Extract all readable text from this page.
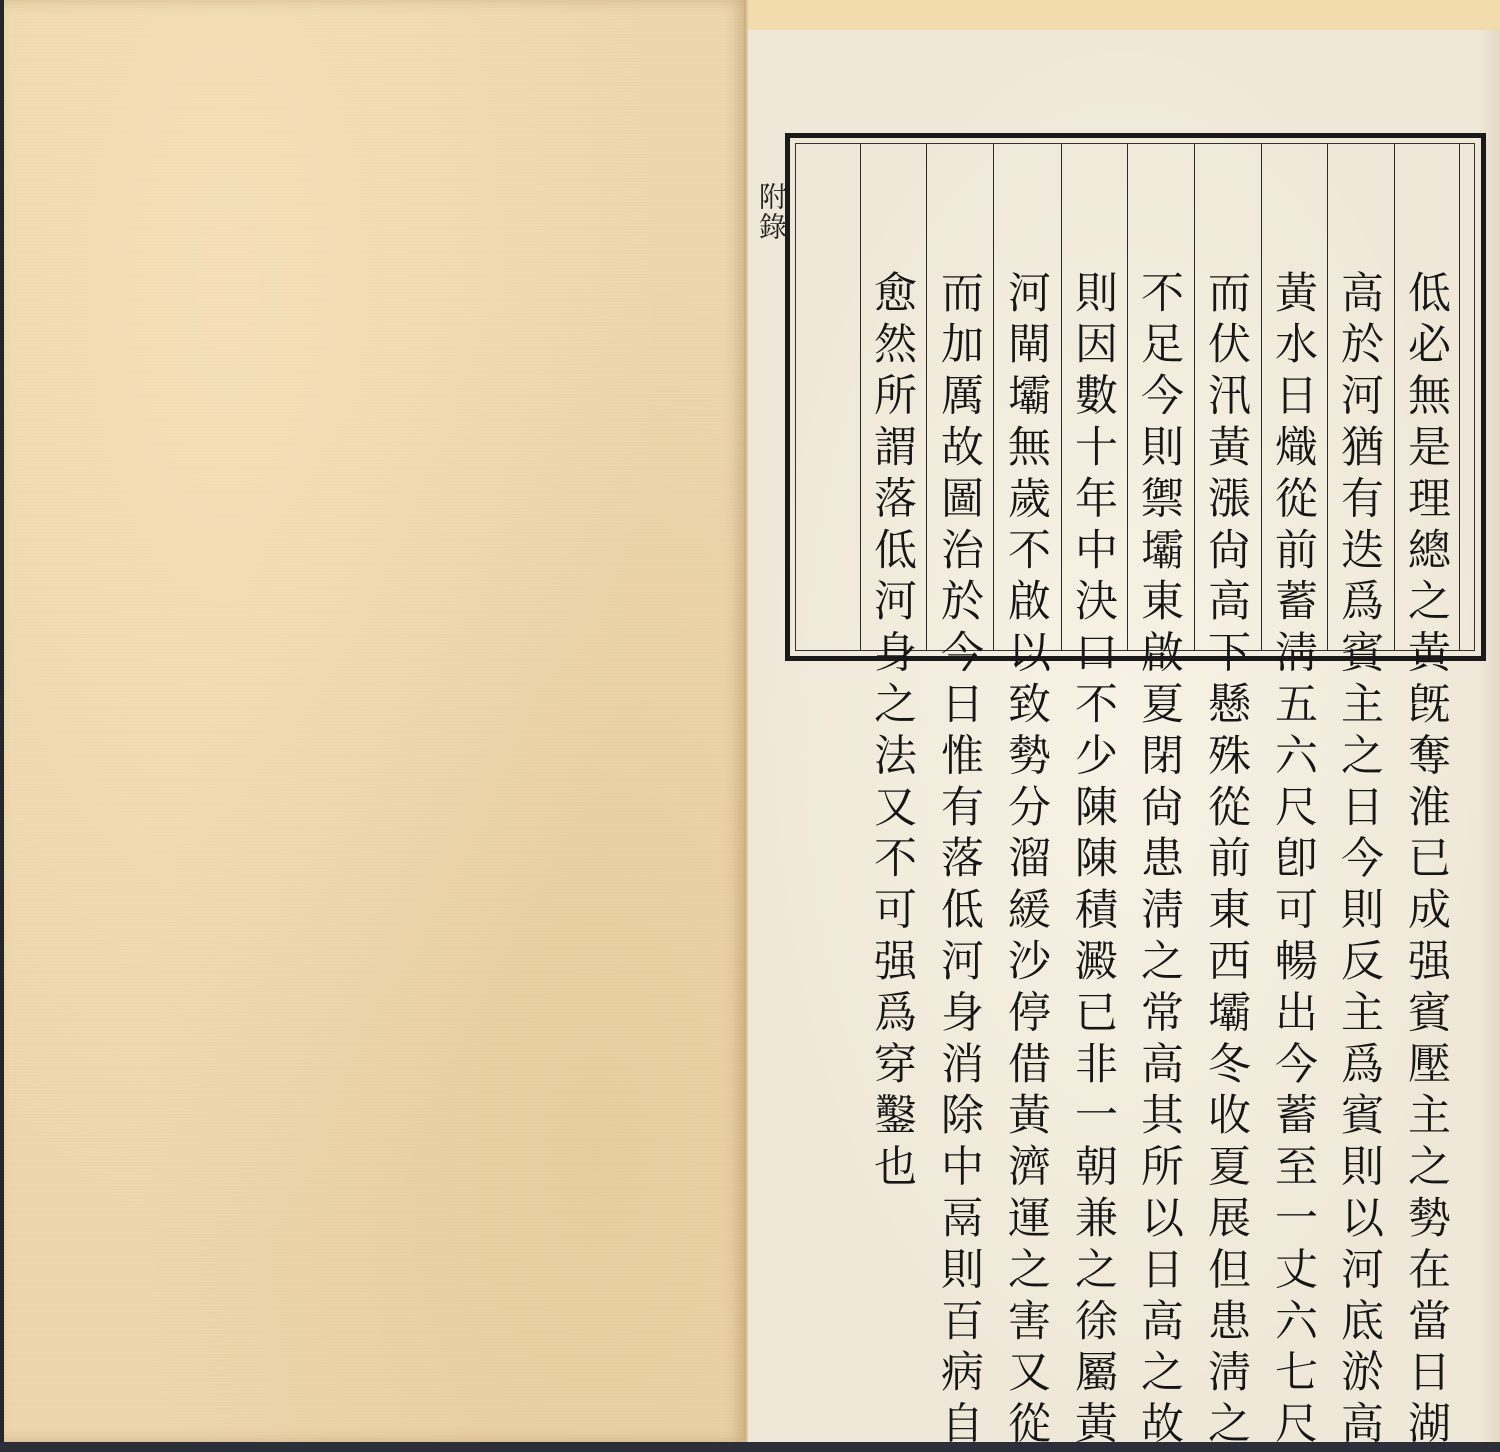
附錄
低必無是理總之黃旣奪淮已成强賓壓主之勢在當日湖
高於河猶有迭爲賓主之日今則反主爲賓則以河底淤高
黃水日熾從前蓄淸五六尺卽可暢出今蓄至一丈六七尺
而伏汛黃漲尙高下懸殊從前東西壩冬收夏展但患淸之
不足今則禦壩東啟夏閉尙患淸之常高其所以日高之故
則因數十年中決口不少陳陳積澱已非一朝兼之徐屬黃
河閘壩無歲不啟以致勢分溜緩沙停借黃濟運之害又從
而加厲故圖治於今日惟有落低河身消除中鬲則百病自
愈然所謂落低河身之法又不可强爲穿鑿也
